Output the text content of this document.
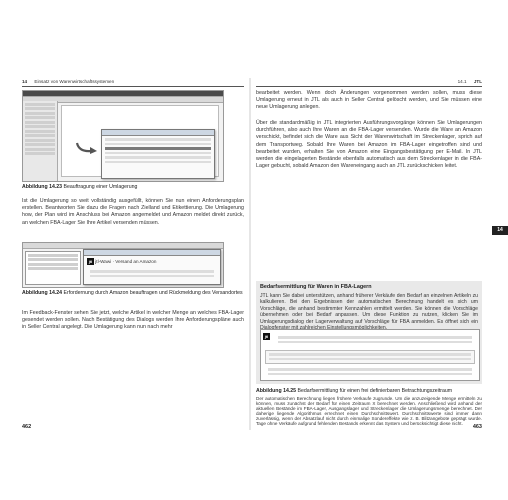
14 Einsatz von Warenwirtschaftssystemen

Abbildung 14.23 Beauftragung einer Umlagerung

Ist die Umlagerung so weit vollständig ausgefüllt, können Sie nun einen Anforderungsplan erstellen. Beantworten Sie dazu die Fragen nach Zielland und Etikettierung. Die Umlagerung how, der Plan wird im Anschluss bei Amazon angemeldet und Amazon meldet direkt zurück, an welchen FBA-Lager Sie Ihre Artikel versenden müssen.

jtl jtl-Wawi · Versand an Amazon

Abbildung 14.24 Erfordernung durch Amazon beauftragen und Rückmeldung des Versandortes

Im Feedback-Fenster sehen Sie jetzt, welche Artikel in welcher Menge an welches FBA-Lager gesendet werden sollen. Nach Bestätigung des Dialogs werden Ihre Anforderungspläne auch in Seller Central angelegt. Die Umlagerung kann nun nach mehr

462
14.1 JTL

bearbeitet werden. Wenn doch Änderungen vorgenommen werden sollen, muss diese Umlagerung erneut in JTL als auch in Seller Central gelöscht werden, und Sie müssen eine neue Umlagerung anlegen.

Über die standardmäßig in JTL integrierten Ausführungsvorgänge können Sie Umlagerungen durchführen, also auch Ihre Waren an die FBA-Lager versenden. Wurde die Ware an Amazon verschickt, befindet sich die Ware aus Sicht der Warenwirtschaft im Streckenlager, sprich auf dem Transportweg. Sobald Ihre Waren bei Amazon im FBA-Lager eingetroffen sind und bearbeitet wurden, erhalten Sie von Amazon eine Eingangsbestätigung per E-Mail. In JTL werden die eingelagerten Bestände ebenfalls automatisch aus dem Streckenlager in die FBA-Lager gebucht, sobald Amazon den Wareneingang auch an JTL zurückschicken leitet.

14
Bedarfsermittlung für Waren in FBA-Lagern

JTL kann Sie dabei unterstützen, anhand früherer Verkäufe den Bedarf an einzelnen Artikeln zu kalkulieren. Bei den Ergebnissen der automatischen Berechnung handelt es sich um Vorschläge, die anhand bestimmter Kennzahlen ermittelt werden. Sie können die Vorschläge übernehmen oder bei Bedarf anpassen. Um diese Funktion zu nutzen, klicken Sie im Umlagerungsdialog der Lagerverwaltung auf Vorschläge für FBA anmelden. Es öffnet sich ein

jtl

Abbildung 14.25 Bedarfsermittlung für einen frei definierbaren Betrachtungszeitraum

Der automatischen Berechnung liegen frühere Verkaufe zugrunde. Um die anzuzeigende Menge ermitteln zu können, muss zunächst der Bedarf für einen Zeitraum X berechnet werden. Anschließend wird anhand der aktuellen Bestände im FBA-Lager, Ausgangslager und Streckenlager die Umlagerungsmenge berechnet. Der daherige liegende Algorithmus errechnet einen Durchschnittswert. Durchschnittswerte sind immer dann zuverlässig, wenn der Absatzlauf nicht durch einmalige Sondereffekte wie z. B. Blitzangebote geprägt wurde. Tage ohne Verkäufe aufgrund fehlenden Bestands erkennt das System und berücksichtigt diese nicht.

463
